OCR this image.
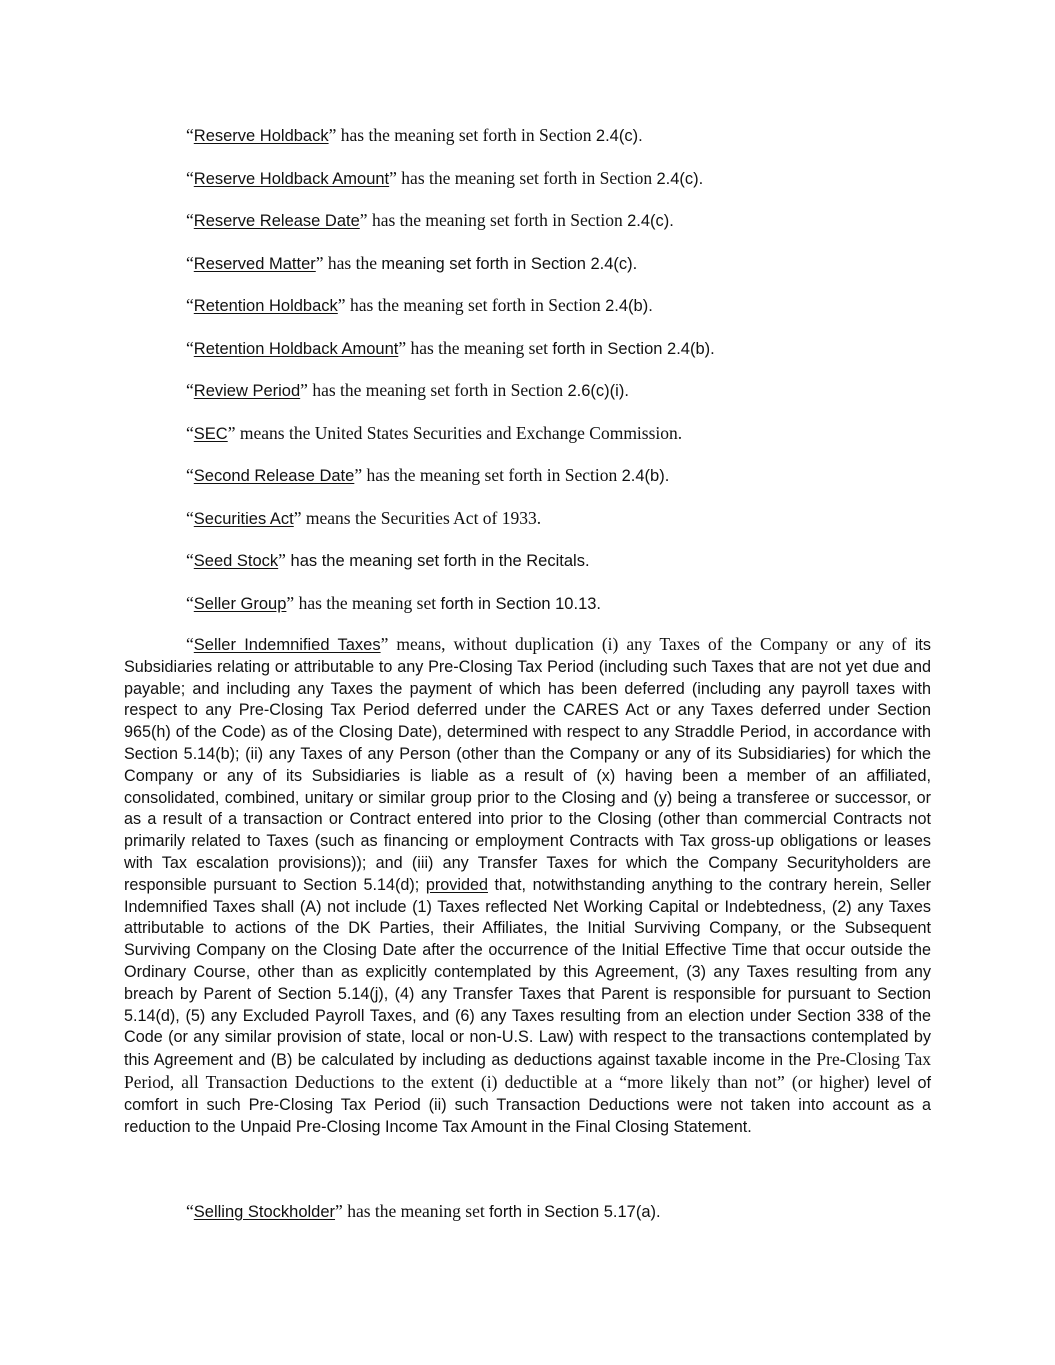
“Reserve Holdback” has the meaning set forth in Section 2.4(c).
“Reserve Holdback Amount” has the meaning set forth in Section 2.4(c).
“Reserve Release Date” has the meaning set forth in Section 2.4(c).
“Reserved Matter” has the meaning set forth in Section 2.4(c).
“Retention Holdback” has the meaning set forth in Section 2.4(b).
“Retention Holdback Amount” has the meaning set forth in Section 2.4(b).
“Review Period” has the meaning set forth in Section 2.6(c)(i).
“SEC” means the United States Securities and Exchange Commission.
“Second Release Date” has the meaning set forth in Section 2.4(b).
“Securities Act” means the Securities Act of 1933.
“Seed Stock” has the meaning set forth in the Recitals.
“Seller Group” has the meaning set forth in Section 10.13.
“Seller Indemnified Taxes” means, without duplication (i) any Taxes of the Company or any of its Subsidiaries relating or attributable to any Pre-Closing Tax Period (including such Taxes that are not yet due and payable; and including any Taxes the payment of which has been deferred (including any payroll taxes with respect to any Pre-Closing Tax Period deferred under the CARES Act or any Taxes deferred under Section 965(h) of the Code) as of the Closing Date), determined with respect to any Straddle Period, in accordance with Section 5.14(b); (ii) any Taxes of any Person (other than the Company or any of its Subsidiaries) for which the Company or any of its Subsidiaries is liable as a result of (x) having been a member of an affiliated, consolidated, combined, unitary or similar group prior to the Closing and (y) being a transferee or successor, or as a result of a transaction or Contract entered into prior to the Closing (other than commercial Contracts not primarily related to Taxes (such as financing or employment Contracts with Tax gross-up obligations or leases with Tax escalation provisions)); and (iii) any Transfer Taxes for which the Company Securityholders are responsible pursuant to Section 5.14(d); provided that, notwithstanding anything to the contrary herein, Seller Indemnified Taxes shall (A) not include (1) Taxes reflected Net Working Capital or Indebtedness, (2) any Taxes attributable to actions of the DK Parties, their Affiliates, the Initial Surviving Company, or the Subsequent Surviving Company on the Closing Date after the occurrence of the Initial Effective Time that occur outside the Ordinary Course, other than as explicitly contemplated by this Agreement, (3) any Taxes resulting from any breach by Parent of Section 5.14(j), (4) any Transfer Taxes that Parent is responsible for pursuant to Section 5.14(d), (5) any Excluded Payroll Taxes, and (6) any Taxes resulting from an election under Section 338 of the Code (or any similar provision of state, local or non-U.S. Law) with respect to the transactions contemplated by this Agreement and (B) be calculated by including as deductions against taxable income in the Pre-Closing Tax Period, all Transaction Deductions to the extent (i) deductible at a “more likely than not” (or higher) level of comfort in such Pre-Closing Tax Period (ii) such Transaction Deductions were not taken into account as a reduction to the Unpaid Pre-Closing Income Tax Amount in the Final Closing Statement.
“Selling Stockholder” has the meaning set forth in Section 5.17(a).
